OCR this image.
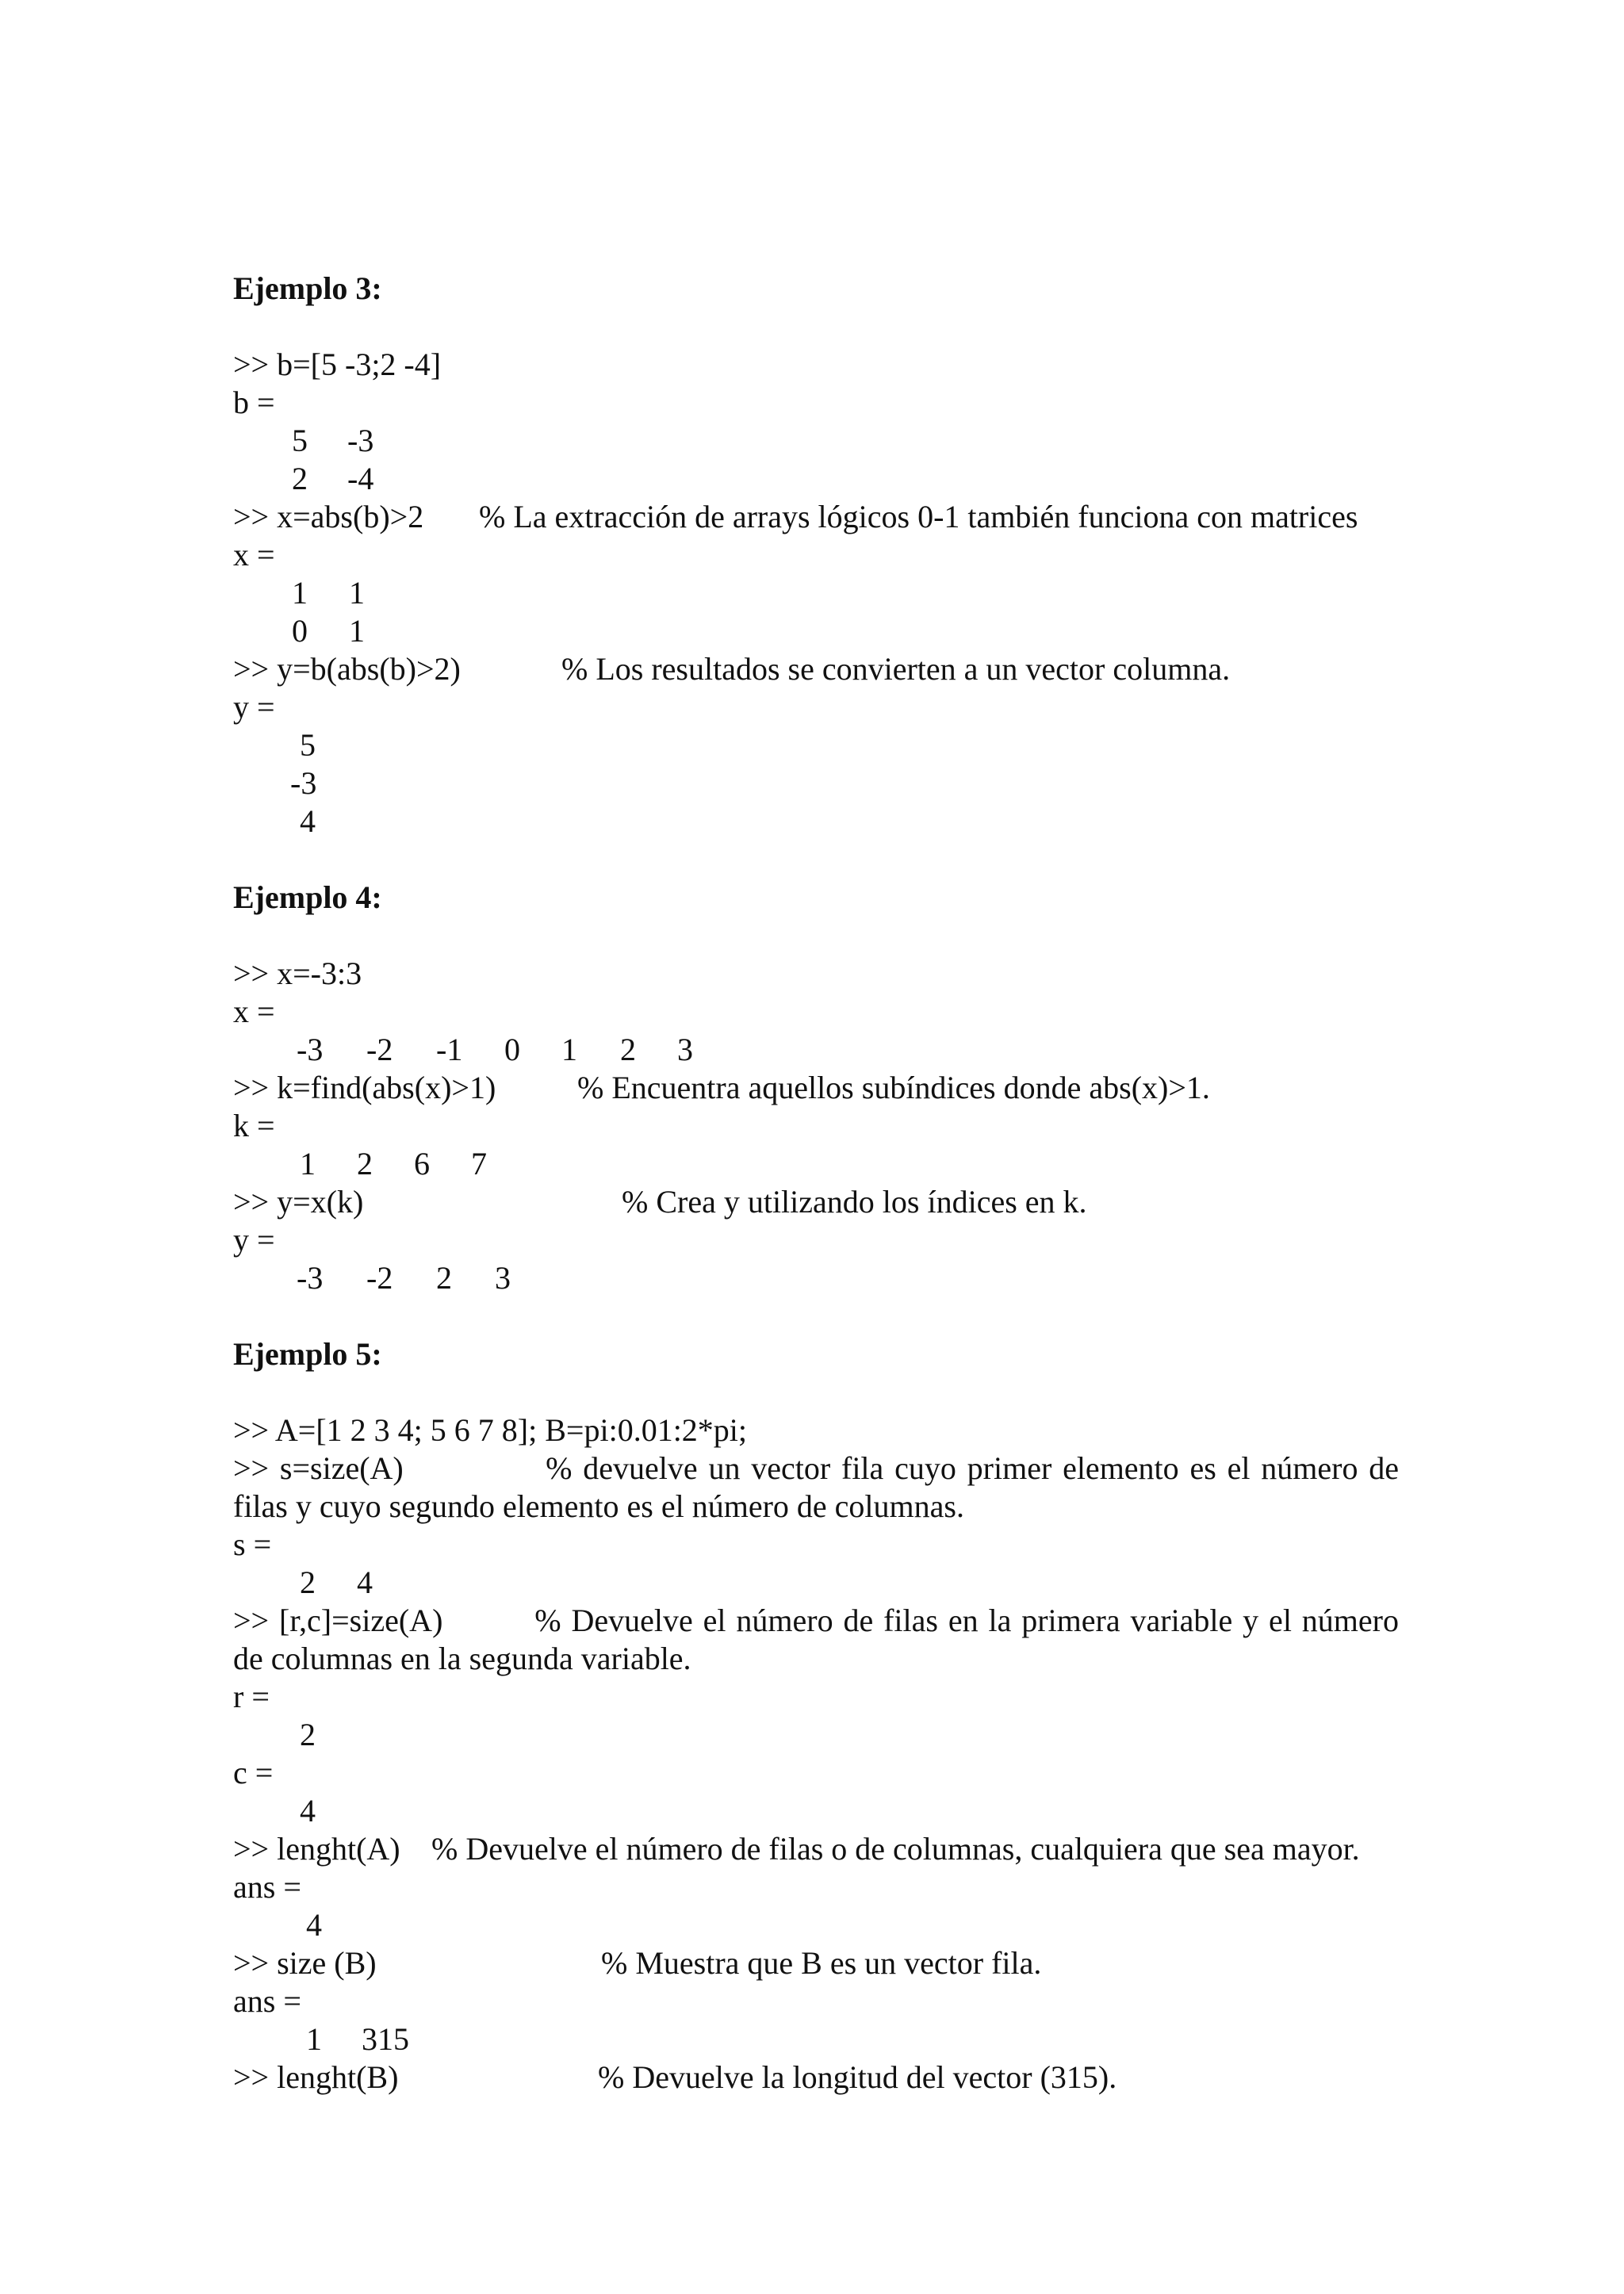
Ejemplo 3:
>> b=[5 -3;2 -4]
b =
5 -3
2 -4
>> x=abs(b)>2 % La extracción de arrays lógicos 0-1 también funciona con matrices
x =
1 1
0 1
>> y=b(abs(b)>2)	% Los resultados se convierten a un vector columna.
y =
5
-3
4
Ejemplo 4:
>> x=-3:3
x =
-3 -2 -1 0 1 2 3
>> k=find(abs(x)>1)	% Encuentra aquellos subíndices donde abs(x)>1.
k =
1 2 6 7
>> y=x(k)	% Crea y utilizando los índices en k.
y =
-3 -2 2 3
Ejemplo 5:
>> A=[1 2 3 4; 5 6 7 8]; B=pi:0.01:2*pi;
>> s=size(A)             % devuelve un vector fila cuyo primer elemento es el número de
filas y cuyo segundo elemento es el número de columnas.
s =
2 4
>> [r,c]=size(A)         % Devuelve el número de filas en la primera variable y el número
de columnas en la segunda variable.
r =
2
c =
4
>> lenght(A) % Devuelve el número de filas o de columnas, cualquiera que sea mayor.
ans =
4
>> size (B)	% Muestra que B es un vector fila.
ans =
1 315
>> lenght(B)	% Devuelve la longitud del vector (315).
